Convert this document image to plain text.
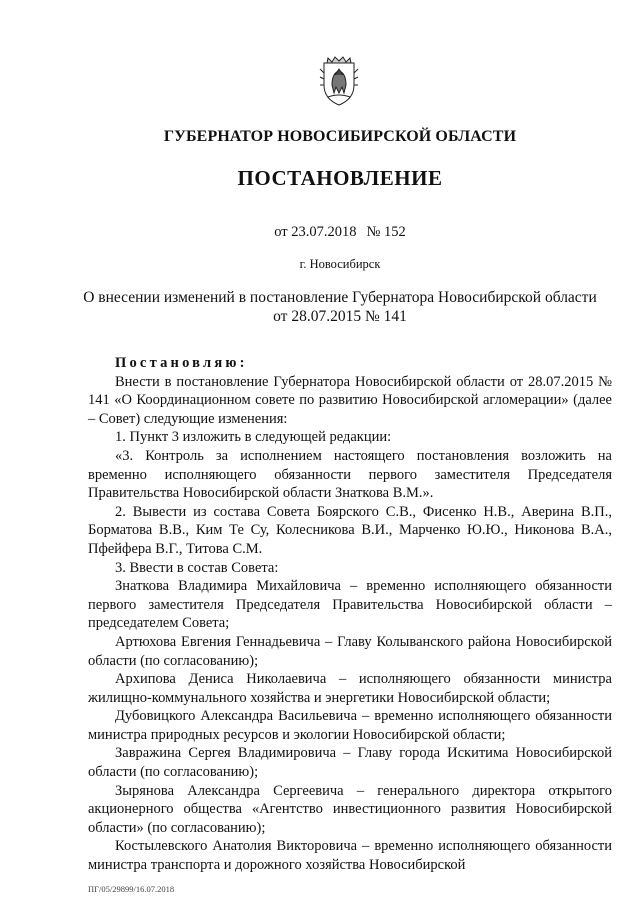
ГУБЕРНАТОР НОВОСИБИРСКОЙ ОБЛАСТИ
ПОСТАНОВЛЕНИЕ
от 23.07.2018 № 152
г. Новосибирск
О внесении изменений в постановление Губернатора Новосибирской области
от 28.07.2015 № 141

Постановляю:

Внести в постановление Губернатора Новосибирской области от 28.07.2015 № 141 «О Координационном совете по развитию Новосибирской агломерации» (далее – Совет) следующие изменения:

1. Пункт 3 изложить в следующей редакции:

«3. Контроль за исполнением настоящего постановления возложить на временно исполняющего обязанности первого заместителя Председателя Правительства Новосибирской области Знаткова В.М.».

2. Вывести из состава Совета Боярского С.В., Фисенко Н.В., Аверина В.П., Борматова В.В., Ким Те Су, Колесникова В.И., Марченко Ю.Ю., Никонова В.А., Пфейфера В.Г., Титова С.М.

3. Ввести в состав Совета:

Знаткова Владимира Михайловича – временно исполняющего обязанности первого заместителя Председателя Правительства Новосибирской области – председателем Совета;

Артюхова Евгения Геннадьевича – Главу Колыванского района Новосибирской области (по согласованию);

Архипова Дениса Николаевича – исполняющего обязанности министра жилищно-коммунального хозяйства и энергетики Новосибирской области;

Дубовицкого Александра Васильевича – временно исполняющего обязанности министра природных ресурсов и экологии Новосибирской области;

Завражина Сергея Владимировича – Главу города Искитима Новосибирской области (по согласованию);

Зырянова Александра Сергеевича – генерального директора открытого акционерного общества «Агентство инвестиционного развития Новосибирской области» (по согласованию);

Костылевского Анатолия Викторовича – временно исполняющего обязанности министра транспорта и дорожного хозяйства Новосибирской

ПГ/05/29899/16.07.2018
